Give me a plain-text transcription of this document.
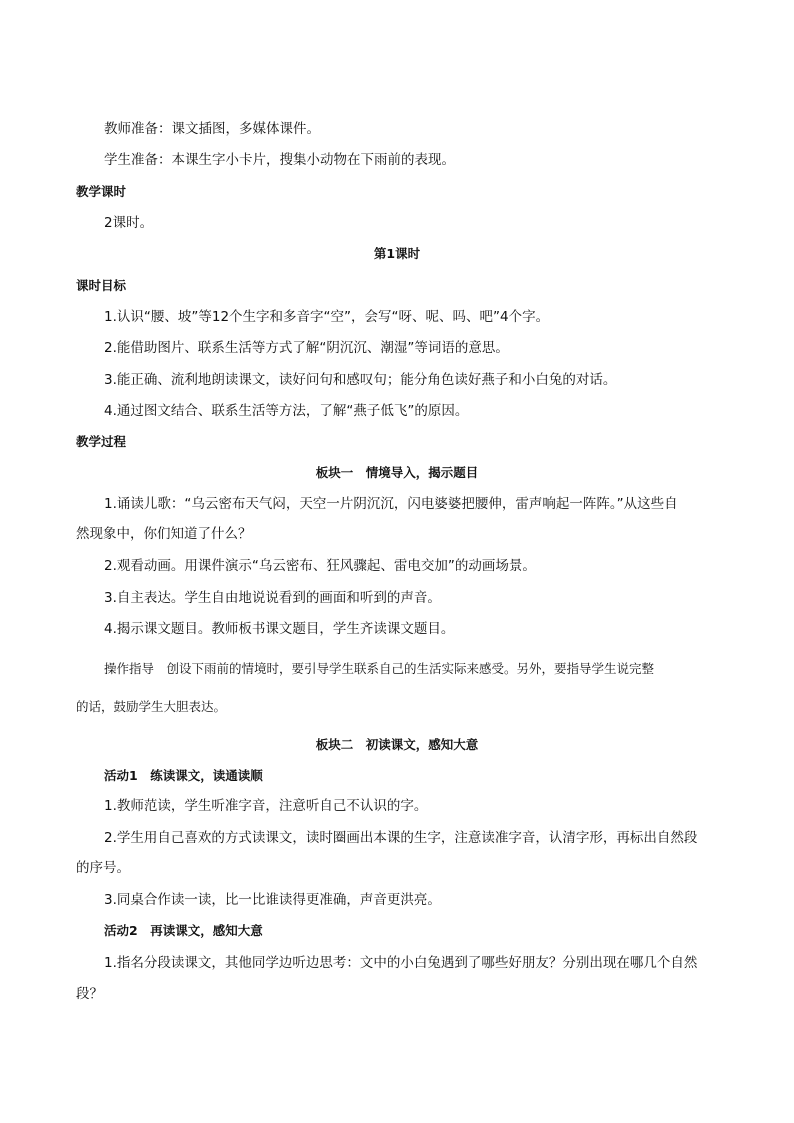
教师准备：课文插图，多媒体课件。
学生准备：本课生字小卡片，搜集小动物在下雨前的表现。
教学课时
2课时。
第1课时
课时目标
1.认识“腰、坡”等12个生字和多音字“空”，会写“呀、呢、吗、吧”4个字。
2.能借助图片、联系生活等方式了解“阴沉沉、潮湿”等词语的意思。
3.能正确、流利地朗读课文，读好问句和感叹句；能分角色读好燕子和小白兔的对话。
4.通过图文结合、联系生活等方法，了解“燕子低飞”的原因。
教学过程
板块一　情境导入，揭示题目
1.诵读儿歌：“乌云密布天气闷，天空一片阴沉沉，闪电婆婆把腰伸，雷声响起一阵阵。”从这些自
然现象中，你们知道了什么？
2.观看动画。用课件演示“乌云密布、狂风骤起、雷电交加”的动画场景。
3.自主表达。学生自由地说说看到的画面和听到的声音。
4.揭示课文题目。教师板书课文题目，学生齐读课文题目。
操作指导　创设下雨前的情境时，要引导学生联系自己的生活实际来感受。另外，要指导学生说完整
的话，鼓励学生大胆表达。
板块二　初读课文，感知大意
活动1　练读课文，读通读顺
1.教师范读，学生听准字音，注意听自己不认识的字。
2.学生用自己喜欢的方式读课文，读时圈画出本课的生字，注意读准字音，认清字形，再标出自然段
的序号。
3.同桌合作读一读，比一比谁读得更准确，声音更洪亮。
活动2　再读课文，感知大意
1.指名分段读课文，其他同学边听边思考：文中的小白兔遇到了哪些好朋友？分别出现在哪几个自然
段？
